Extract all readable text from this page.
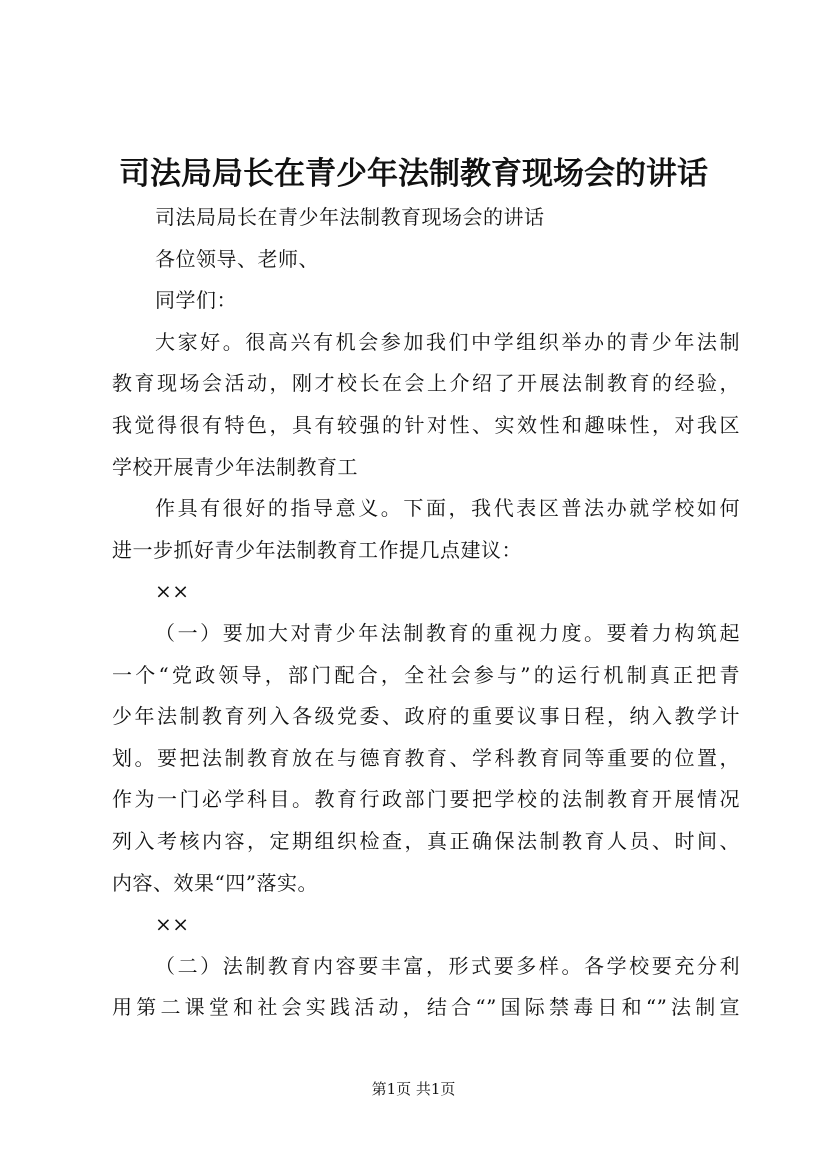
司法局局长在青少年法制教育现场会的讲话
司法局局长在青少年法制教育现场会的讲话
各位领导、老师、
同学们：
大家好。很高兴有机会参加我们中学组织举办的青少年法制
教育现场会活动，刚才校长在会上介绍了开展法制教育的经验，
我觉得很有特色，具有较强的针对性、实效性和趣味性，对我区
学校开展青少年法制教育工
作具有很好的指导意义。下面，我代表区普法办就学校如何
进一步抓好青少年法制教育工作提几点建议：
××
（一）要加大对青少年法制教育的重视力度。要着力构筑起
一个“党政领导，部门配合，全社会参与”的运行机制真正把青
少年法制教育列入各级党委、政府的重要议事日程，纳入教学计
划。要把法制教育放在与德育教育、学科教育同等重要的位置，
作为一门必学科目。教育行政部门要把学校的法制教育开展情况
列入考核内容，定期组织检查，真正确保法制教育人员、时间、
内容、效果“四”落实。
××
（二）法制教育内容要丰富，形式要多样。各学校要充分利
用第二课堂和社会实践活动，结合“”国际禁毒日和“”法制宣
第1页 共1页
